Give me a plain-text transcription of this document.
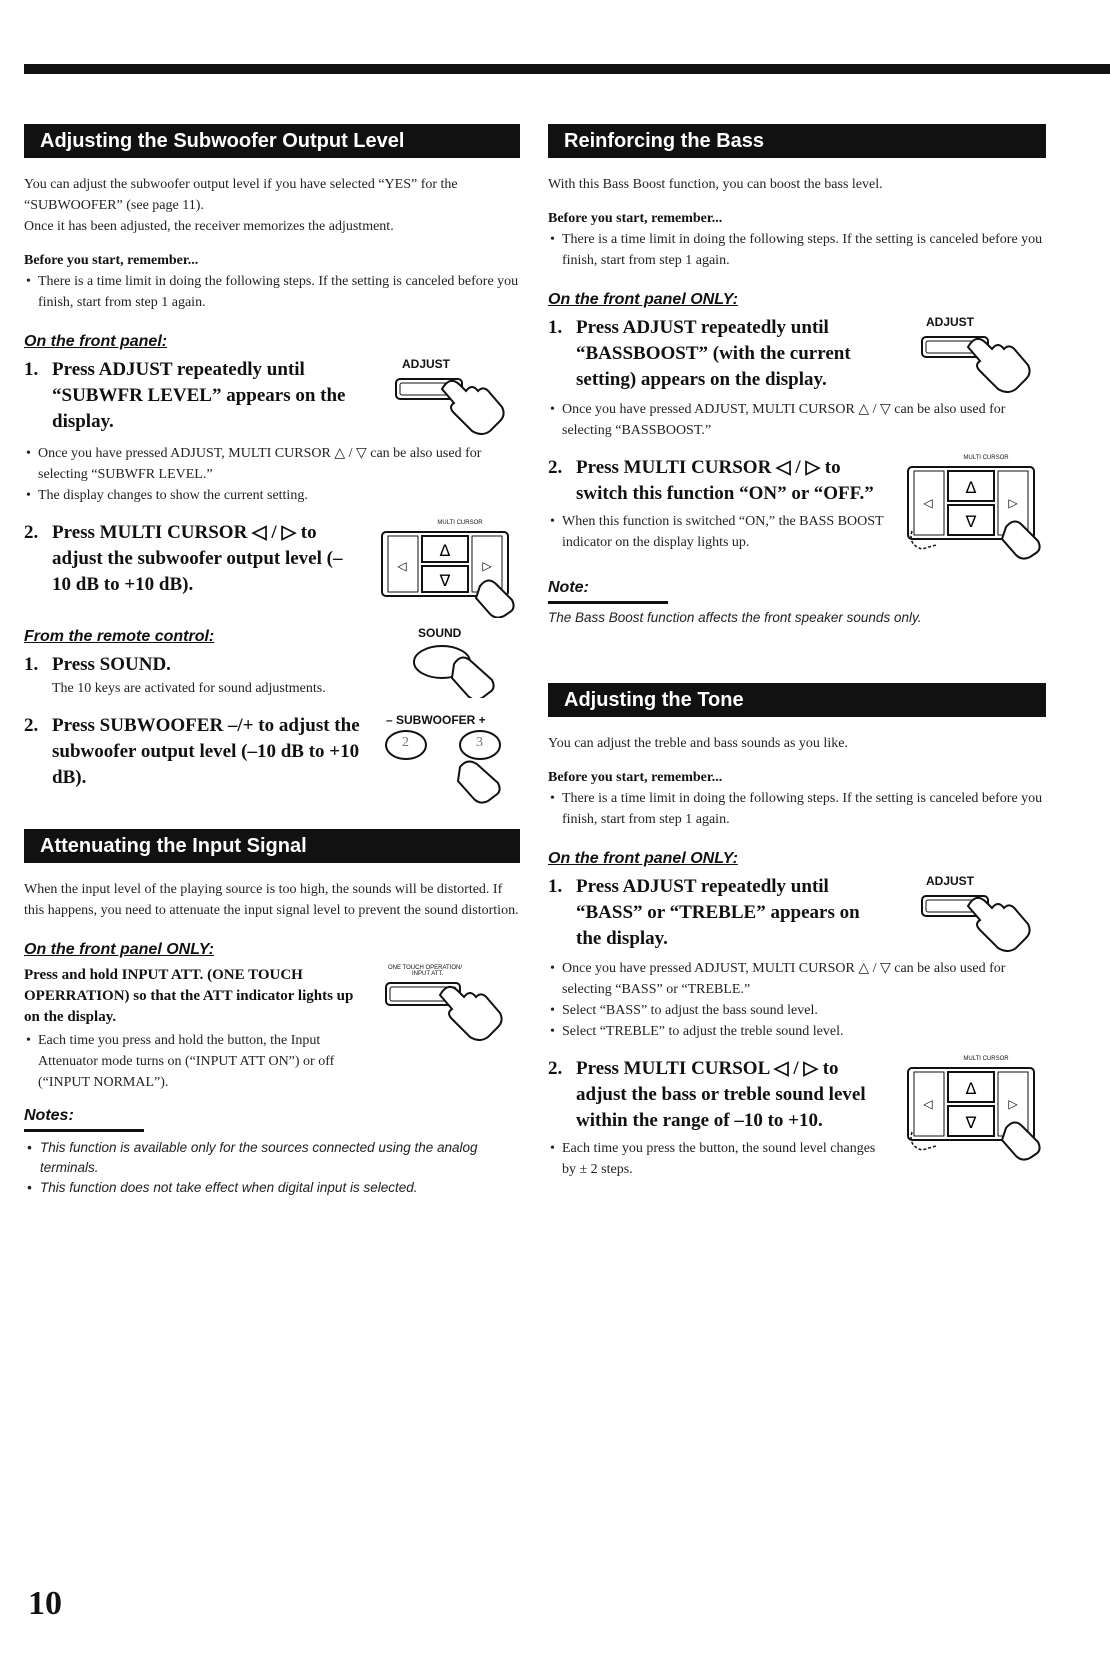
Adjusting the Subwoofer Output Level

You can adjust the subwoofer output level if you have selected “YES” for the “SUBWOOFER” (see page 11).

Once it has been adjusted, the receiver memorizes the adjustment.

Before you start, remember...
• There is a time limit in doing the following steps. If the setting is canceled before you finish, start from step 1 again.
On the front panel:
1. Press ADJUST repeatedly until “SUBWFR LEVEL” appears on the display.
ADJUST
• Once you have pressed ADJUST, MULTI CURSOR △ / ▽ can be also used for selecting “SUBWFR LEVEL.”
• The display changes to show the current setting.
2. Press MULTI CURSOR ◁ / ▷ to adjust the subwoofer output level (–10 dB to +10 dB).
MULTI CURSOR
Δ
∇
◁	▷
From the remote control:
1. Press SOUND.

The 10 keys are activated for sound adjustments.

SOUND
2. Press SUBWOOFER –/+ to adjust the subwoofer output level (–10 dB to +10 dB).
– SUBWOOFER +
2	3
Attenuating the Input Signal

When the input level of the playing source is too high, the sounds will be distorted. If this happens, you need to attenuate the input signal level to prevent the sound distortion.

On the front panel ONLY:
Press and hold INPUT ATT. (ONE TOUCH OPERRATION) so that the ATT indicator lights up on the display.
• Each time you press and hold the button, the Input Attenuator mode turns on (“INPUT ATT ON”) or off (“INPUT NORMAL”).
ONE TOUCH OPERATION/
INPUT ATT.
Notes:
• This function is available only for the sources connected using the analog terminals.
• This function does not take effect when digital input is selected.
Reinforcing the Bass

With this Bass Boost function, you can boost the bass level.

Before you start, remember...
• There is a time limit in doing the following steps. If the setting is canceled before you finish, start from step 1 again.
On the front panel ONLY:
1. Press ADJUST repeatedly until “BASSBOOST” (with the current setting) appears on the display.
ADJUST
• Once you have pressed ADJUST, MULTI CURSOR △ / ▽ can be also used for selecting “BASSBOOST.”
2. Press MULTI CURSOR ◁ / ▷ to switch this function “ON” or “OFF.”
• When this function is switched “ON,” the BASS BOOST indicator on the display lights up.
MULTI CURSOR
Δ
∇
◁	▷
Note:
The Bass Boost function affects the front speaker sounds only.
Adjusting the Tone

You can adjust the treble and bass sounds as you like.

Before you start, remember...
• There is a time limit in doing the following steps. If the setting is canceled before you finish, start from step 1 again.
On the front panel ONLY:
1. Press ADJUST repeatedly until “BASS” or “TREBLE” appears on the display.
ADJUST
• Once you have pressed ADJUST, MULTI CURSOR △ / ▽ can be also used for selecting “BASS” or “TREBLE.”
• Select “BASS” to adjust the bass sound level.
• Select “TREBLE” to adjust the treble sound level.
2. Press MULTI CURSOL ◁ / ▷ to adjust the bass or treble sound level within the range of –10 to +10.
• Each time you press the button, the sound level changes by ± 2 steps.
MULTI CURSOR
Δ
∇
◁	▷
10
